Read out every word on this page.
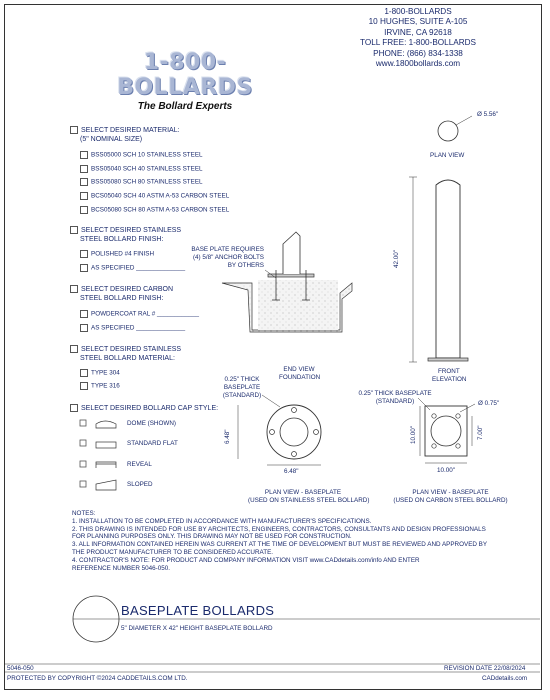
1-800-BOLLARDS
The Bollard Experts
1-800-BOLLARDS
10 HUGHES, SUITE A-105
IRVINE, CA 92618
TOLL FREE: 1-800-BOLLARDS
PHONE: (866) 834-1338
www.1800bollards.com
SELECT DESIRED MATERIAL:
(5" NOMINAL SIZE)
BSS05000 SCH 10 STAINLESS STEEL
BSS05040 SCH 40 STAINLESS STEEL
BSS05080 SCH 80 STAINLESS STEEL
BCS05040 SCH 40 ASTM A-53 CARBON STEEL
BCS05080 SCH 80 ASTM A-53 CARBON STEEL
SELECT DESIRED STAINLESS
STEEL BOLLARD FINISH:
POLISHED #4 FINISH
AS SPECIFIED ______________
SELECT DESIRED CARBON
STEEL BOLLARD FINISH:
POWDERCOAT RAL # ____________
AS SPECIFIED ______________
SELECT DESIRED STAINLESS
STEEL BOLLARD MATERIAL:
TYPE 304
TYPE 316
SELECT DESIRED BOLLARD CAP STYLE:
DOME (SHOWN)
STANDARD FLAT
REVEAL
SLOPED
Ø 5.56"
PLAN VIEW
42.00"
FRONT
ELEVATION
BASE PLATE REQUIRES
(4) 5/8" ANCHOR BOLTS
BY OTHERS
END VIEW
FOUNDATION
0.25" THICK
BASEPLATE
(STANDARD)
6.48"
6.48"
PLAN VIEW - BASEPLATE
(USED ON STAINLESS STEEL BOLLARD)
0.25" THICK BASEPLATE
(STANDARD)	Ø 0.75"
10.00"	7.00"
10.00"
PLAN VIEW - BASEPLATE
(USED ON CARBON STEEL BOLLARD)
NOTES:
1. INSTALLATION TO BE COMPLETED IN ACCORDANCE WITH MANUFACTURER'S SPECIFICATIONS.
2. THIS DRAWING IS INTENDED FOR USE BY ARCHITECTS, ENGINEERS, CONTRACTORS, CONSULTANTS AND DESIGN PROFESSIONALS
FOR PLANNING PURPOSES ONLY. THIS DRAWING MAY NOT BE USED FOR CONSTRUCTION.
3. ALL INFORMATION CONTAINED HEREIN WAS CURRENT AT THE TIME OF DEVELOPMENT BUT MUST BE REVIEWED AND APPROVED BY
THE PRODUCT MANUFACTURER TO BE CONSIDERED ACCURATE.
4. CONTRACTOR'S NOTE: FOR PRODUCT AND COMPANY INFORMATION VISIT www.CADdetails.com/info AND ENTER
REFERENCE NUMBER 5046-050.
BASEPLATE BOLLARDS
5" DIAMETER X 42" HEIGHT BASEPLATE BOLLARD
5046-050	REVISION DATE 22/08/2024
PROTECTED BY COPYRIGHT ©2024 CADDETAILS.COM LTD.	CADdetails.com
